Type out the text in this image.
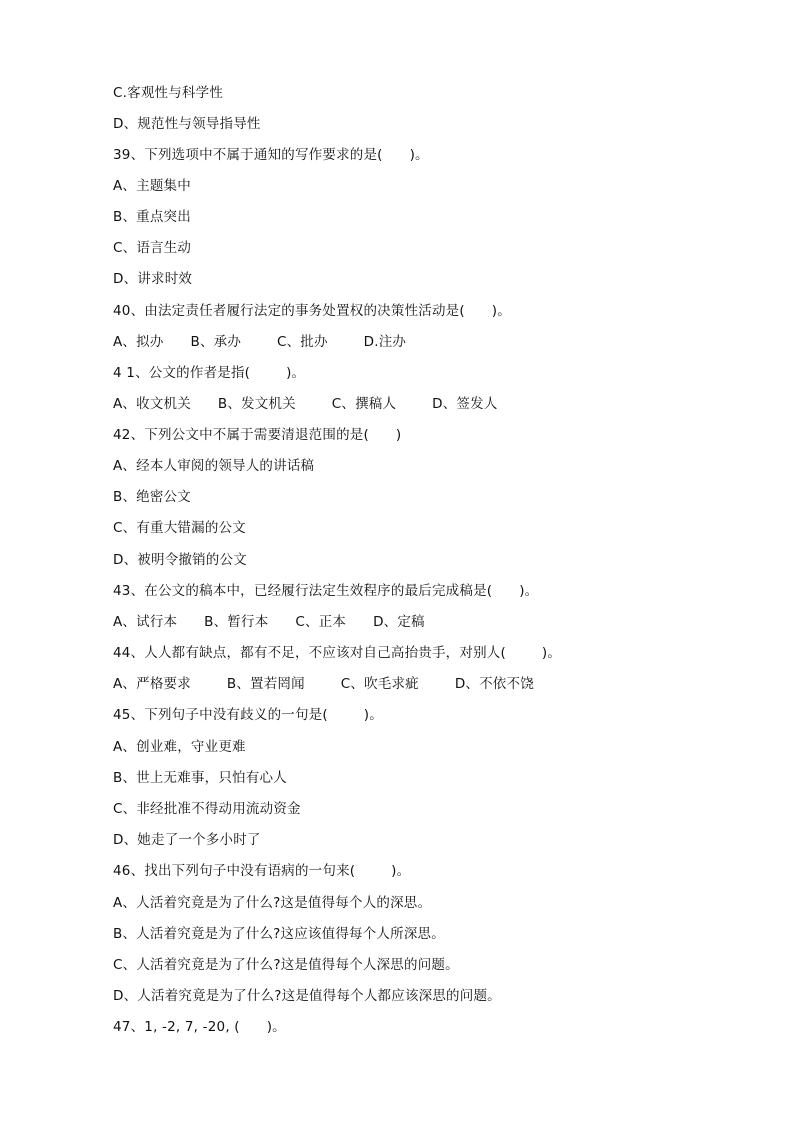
C.客观性与科学性
D、规范性与领导指导性
39、下列选项中不属于通知的写作要求的是(      )。
A、主题集中
B、重点突出
C、语言生动
D、讲求时效
40、由法定责任者履行法定的事务处置权的决策性活动是(      )。
A、拟办      B、承办        C、批办        D.注办
4 1、公文的作者是指(        )。
A、收文机关      B、发文机关        C、撰稿人        D、签发人
42、下列公文中不属于需要清退范围的是(      )
A、经本人审阅的领导人的讲话稿
B、绝密公文
C、有重大错漏的公文
D、被明令撤销的公文
43、在公文的稿本中，已经履行法定生效程序的最后完成稿是(      )。
A、试行本      B、暂行本      C、正本      D、定稿
44、人人都有缺点，都有不足，不应该对自己高抬贵手，对别人(        )。
A、严格要求        B、置若罔闻        C、吹毛求疵        D、不依不饶
45、下列句子中没有歧义的一句是(        )。
A、创业难，守业更难
B、世上无难事，只怕有心人
C、非经批准不得动用流动资金
D、她走了一个多小时了
46、找出下列句子中没有语病的一句来(        )。
A、人活着究竟是为了什么?这是值得每个人的深思。
B、人活着究竟是为了什么?这应该值得每个人所深思。
C、人活着究竟是为了什么?这是值得每个人深思的问题。
D、人活着究竟是为了什么?这是值得每个人都应该深思的问题。
47、1, -2, 7, -20, (      )。
